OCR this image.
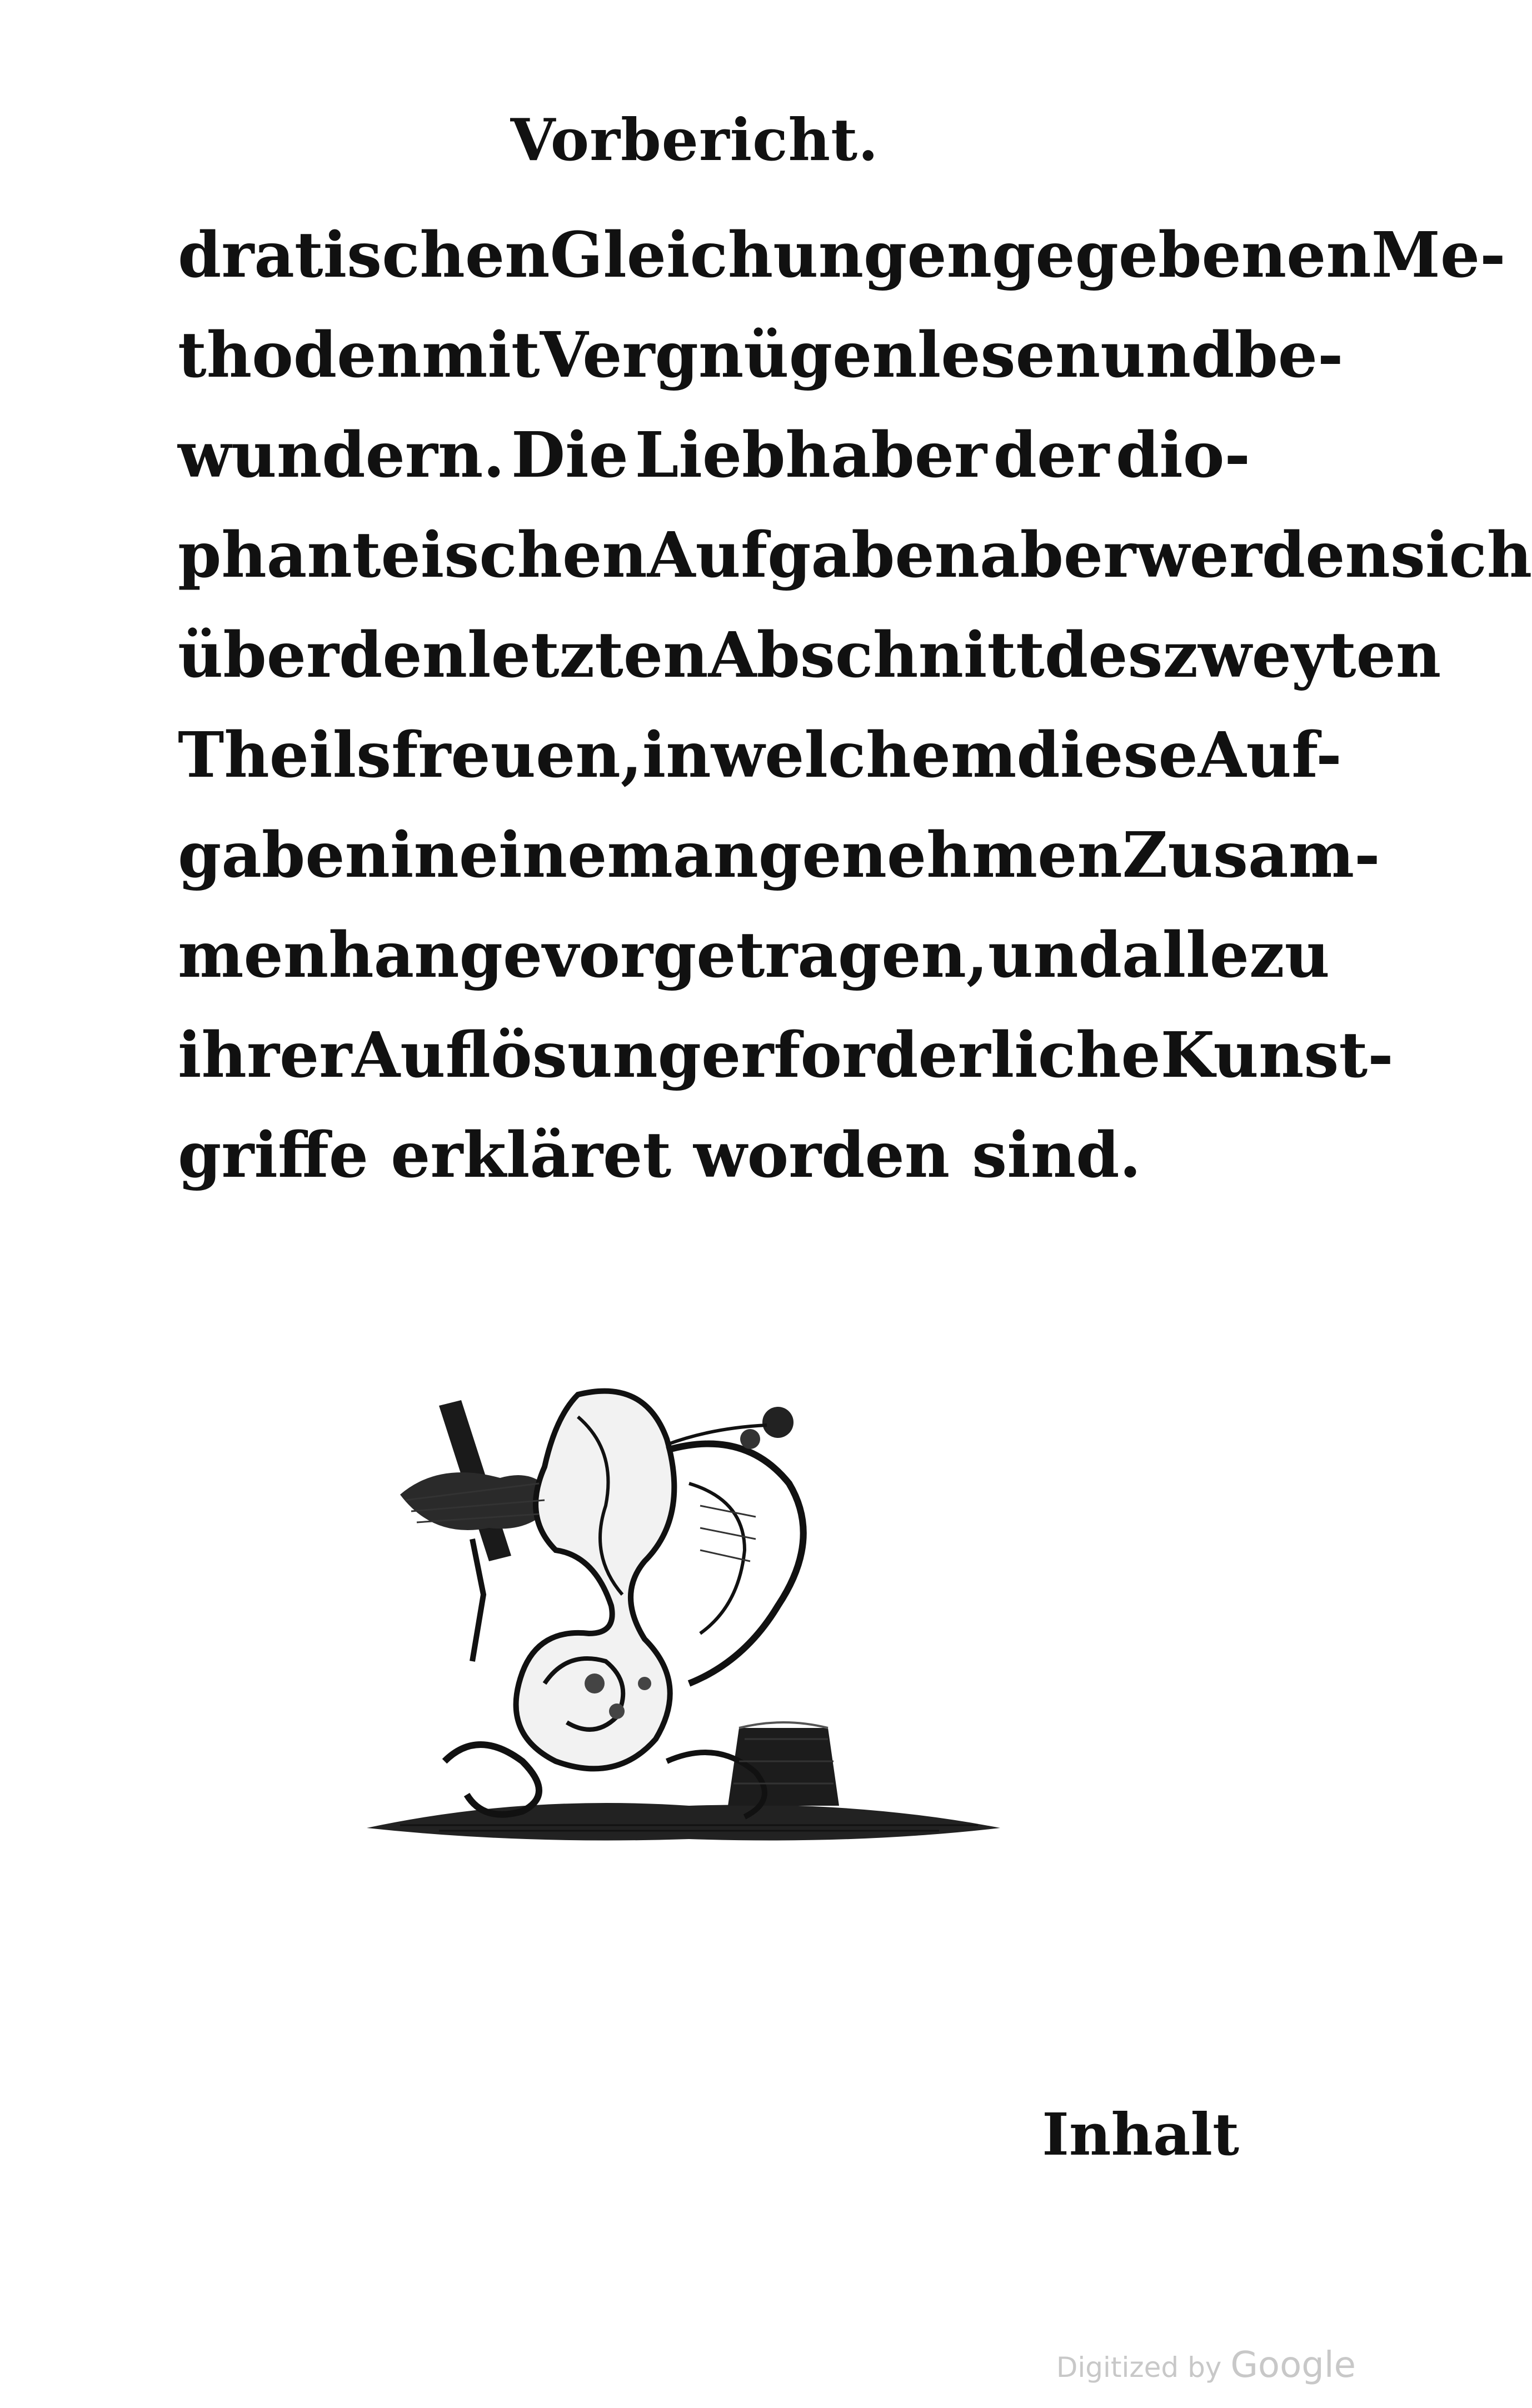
Vorbericht.
dratischen Gleichungen gegebenen Me-
thoden mit Vergnügen lesen und be-
wundern. Die Liebhaber der dio-
phanteischen Aufgaben aber werden sich
über den letzten Abschnitt des zweyten
Theils freuen, in welchem diese Auf-
gaben in einem angenehmen Zusam-
menhange vorgetragen, und alle zu
ihrer Auflösung erforderliche Kunst-
griffe erkläret worden sind.
Inhalt
Digitized by Google
